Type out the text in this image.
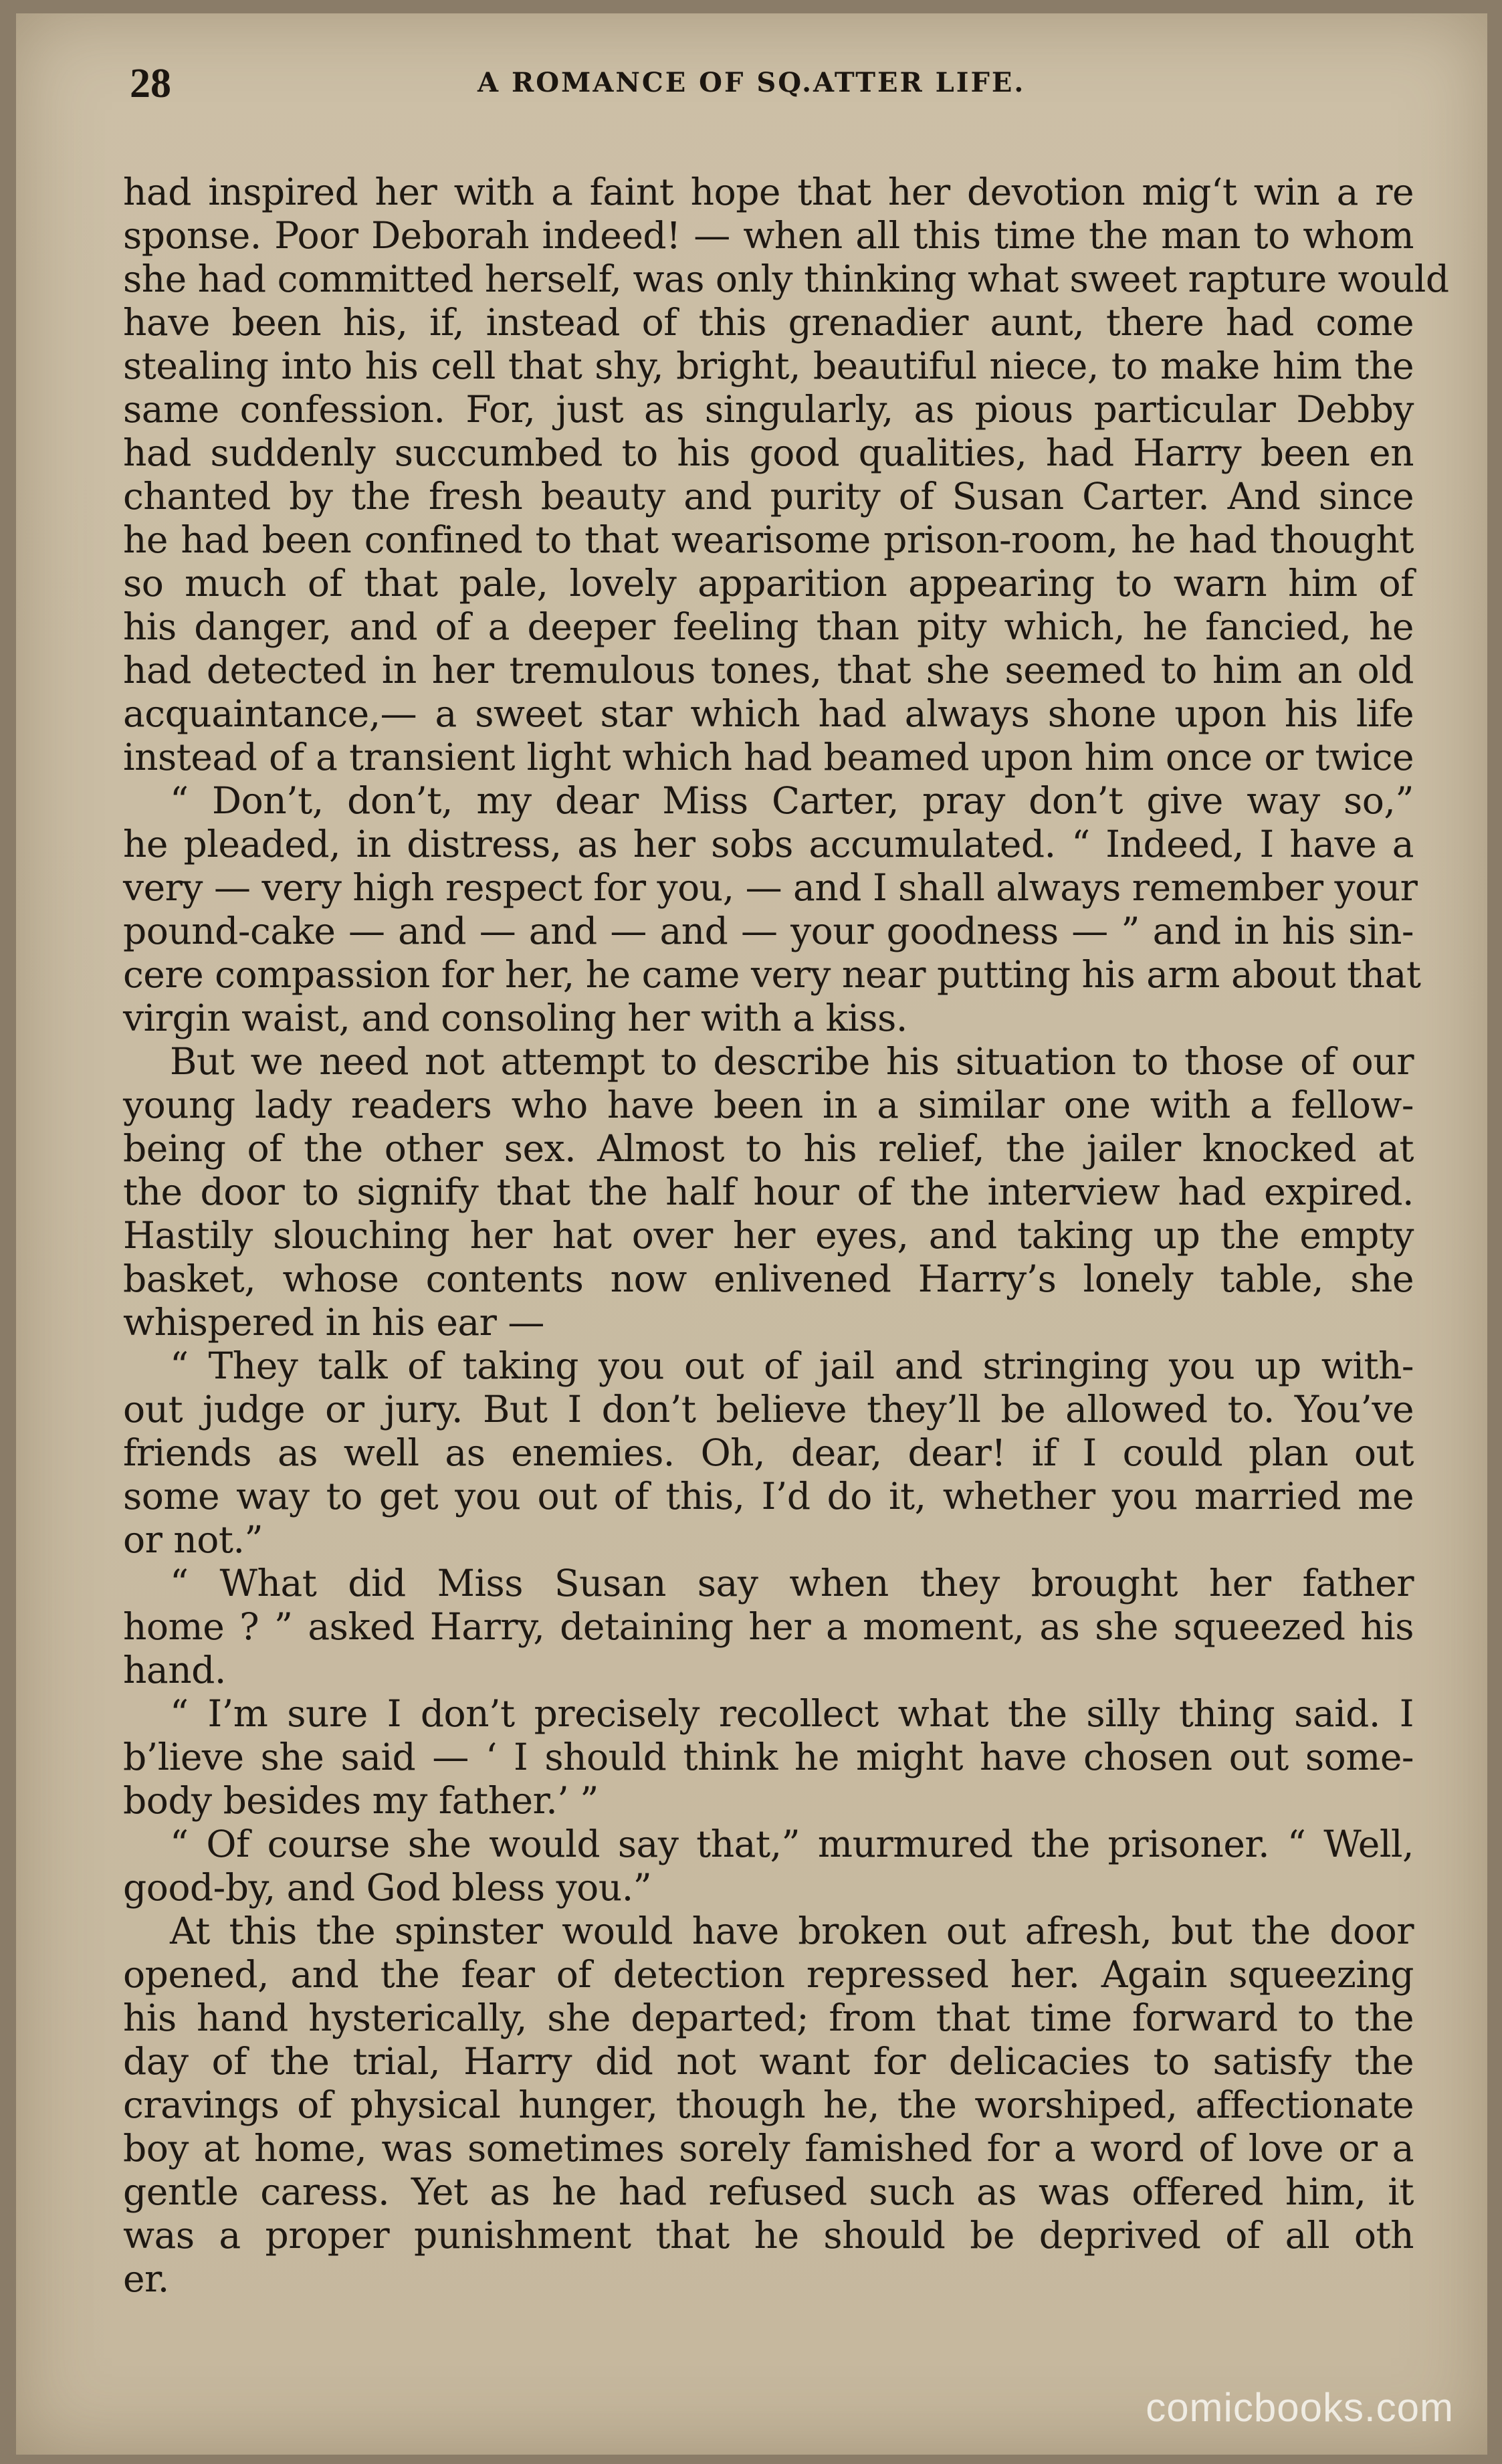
28	A ROMANCE OF SQ.ATTER LIFE.
had inspired her with a faint hope that her devotion migʻt win a re
sponse. Poor Deborah indeed! — when all this time the man to whom
she had committed herself, was only thinking what sweet rapture would
have been his, if, instead of this grenadier aunt, there had come
stealing into his cell that shy, bright, beautiful niece, to make him the
same confession. For, just as singularly, as pious particular Debby
had suddenly succumbed to his good qualities, had Harry been en
chanted by the fresh beauty and purity of Susan Carter. And since
he had been confined to that wearisome prison-room, he had thought
so much of that pale, lovely apparition appearing to warn him of
his danger, and of a deeper feeling than pity which, he fancied, he
had detected in her tremulous tones, that she seemed to him an old
acquaintance,— a sweet star which had always shone upon his life
instead of a transient light which had beamed upon him once or twice
“ Don’t, don’t, my dear Miss Carter, pray don’t give way so,”
he pleaded, in distress, as her sobs accumulated. “ Indeed, I have a
very — very high respect for you, — and I shall always remember your
pound-cake — and — and — and — your goodness — ” and in his sin-
cere compassion for her, he came very near putting his arm about that
virgin waist, and consoling her with a kiss.
But we need not attempt to describe his situation to those of our
young lady readers who have been in a similar one with a fellow-
being of the other sex. Almost to his relief, the jailer knocked at
the door to signify that the half hour of the interview had expired.
Hastily slouching her hat over her eyes, and taking up the empty
basket, whose contents now enlivened Harry’s lonely table, she
whispered in his ear —
“ They talk of taking you out of jail and stringing you up with-
out judge or jury. But I don’t believe they’ll be allowed to. You’ve
friends as well as enemies. Oh, dear, dear! if I could plan out
some way to get you out of this, I’d do it, whether you married me
or not.”
“ What did Miss Susan say when they brought her father
home ? ” asked Harry, detaining her a moment, as she squeezed his
hand.
“ I’m sure I don’t precisely recollect what the silly thing said. I
b’lieve she said — ‘ I should think he might have chosen out some-
body besides my father.’ ”
“ Of course she would say that,” murmured the prisoner. “ Well,
good-by, and God bless you.”
At this the spinster would have broken out afresh, but the door
opened, and the fear of detection repressed her. Again squeezing
his hand hysterically, she departed; from that time forward to the
day of the trial, Harry did not want for delicacies to satisfy the
cravings of physical hunger, though he, the worshiped, affectionate
boy at home, was sometimes sorely famished for a word of love or a
gentle caress. Yet as he had refused such as was offered him, it
was a proper punishment that he should be deprived of all oth
er.
comicbooks.com
